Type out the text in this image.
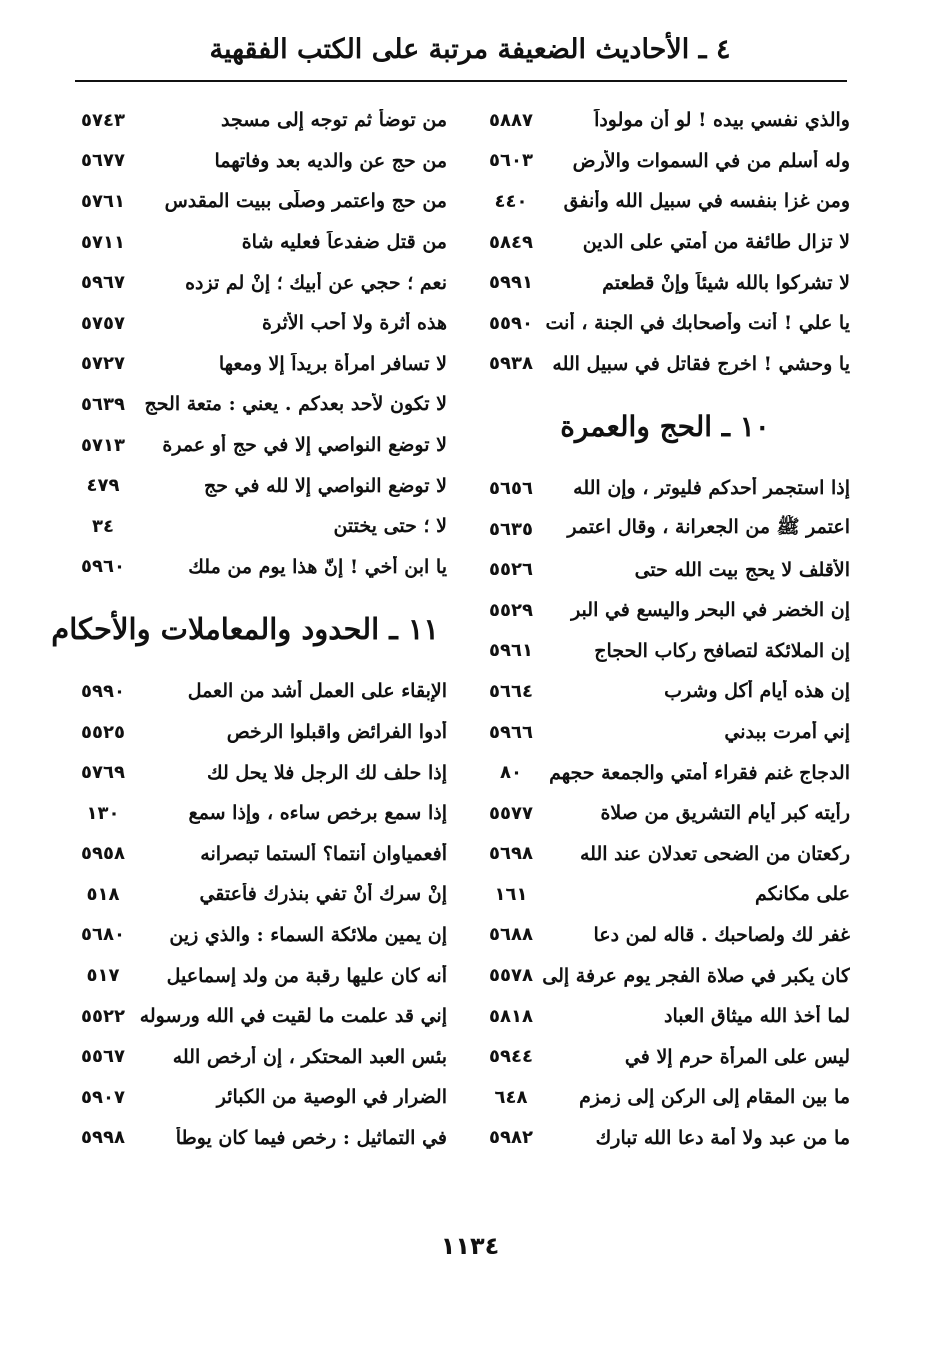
٤ ـ الأحاديث الضعيفة مرتبة على الكتب الفقهية
والذي نفسي بيده ! لو أن مولوداً
٥٨٨٧
وله أسلم من في السموات والأرض
٥٦٠٣
ومن غزا بنفسه في سبيل الله وأنفق
٤٤٠
لا تزال طائفة من أمتي على الدين
٥٨٤٩
لا تشركوا بالله شيئاً وإنْ قطعتم
٥٩٩١
يا علي ! أنت وأصحابك في الجنة ، أنت
٥٥٩٠
يا وحشي ! اخرج فقاتل في سبيل الله
٥٩٣٨
١٠ ـ الحج والعمرة
إذا استجمر أحدكم فليوتر ، وإن الله
٥٦٥٦
اعتمر ﷺ من الجعرانة ، وقال اعتمر
٥٦٣٥
الأقلف لا يحج بيت الله حتى
٥٥٢٦
إن الخضر في البحر واليسع في البر
٥٥٢٩
إن الملائكة لتصافح ركاب الحجاج
٥٩٦١
إن هذه أيام أكل وشرب
٥٦٦٤
إني أمرت ببدني
٥٩٦٦
الدجاج غنم فقراء أمتي والجمعة حجهم
٨٠
رأيته كبر أيام التشريق من صلاة
٥٥٧٧
ركعتان من الضحى تعدلان عند الله
٥٦٩٨
على مكانكم
١٦١
غفر لك ولصاحبك . قاله لمن دعا
٥٦٨٨
كان يكبر في صلاة الفجر يوم عرفة إلى
٥٥٧٨
لما أخذ الله ميثاق العباد
٥٨١٨
ليس على المرأة حرم إلا في
٥٩٤٤
ما بين المقام إلى الركن إلى زمزم
٦٤٨
ما من عبد ولا أمة دعا الله تبارك
٥٩٨٢
من توضأ ثم توجه إلى مسجد
٥٧٤٣
من حج عن والديه بعد وفاتهما
٥٦٧٧
من حج واعتمر وصلّى ببيت المقدس
٥٧٦١
من قتل ضفدعاً فعليه شاة
٥٧١١
نعم ؛ حجي عن أبيك ؛ إنْ لم تزده
٥٩٦٧
هذه أثرة ولا أحب الأثرة
٥٧٥٧
لا تسافر امرأة بريداً إلا ومعها
٥٧٢٧
لا تكون لأحد بعدكم . يعني : متعة الحج
٥٦٣٩
لا توضع النواصي إلا في حج أو عمرة
٥٧١٣
لا توضع النواصي إلا لله في حج
٤٧٩
لا ؛ حتى يختتن
٣٤
يا ابن أخي ! إنّ هذا يوم من ملك
٥٩٦٠
١١ ـ الحدود والمعاملات والأحكام
الإبقاء على العمل أشد من العمل
٥٩٩٠
أدوا الفرائض واقبلوا الرخص
٥٥٢٥
إذا حلف لك الرجل فلا يحل لك
٥٧٦٩
إذا سمع برخص ساءه ، وإذا سمع
١٣٠
أفعمياوان أنتما؟ ألستما تبصرانه
٥٩٥٨
إنْ سرك أنْ تفي بنذرك فأعتقي
٥١٨
إن يمين ملائكة السماء : والذي زين
٥٦٨٠
أنه كان عليها رقبة من ولد إسماعيل
٥١٧
إني قد علمت ما لقيت في الله ورسوله
٥٥٢٢
بئس العبد المحتكر ، إن أرخص الله
٥٥٦٧
الضرار في الوصية من الكبائر
٥٩٠٧
في التماثيل : رخص فيما كان يوطأ
٥٩٩٨
١١٣٤
